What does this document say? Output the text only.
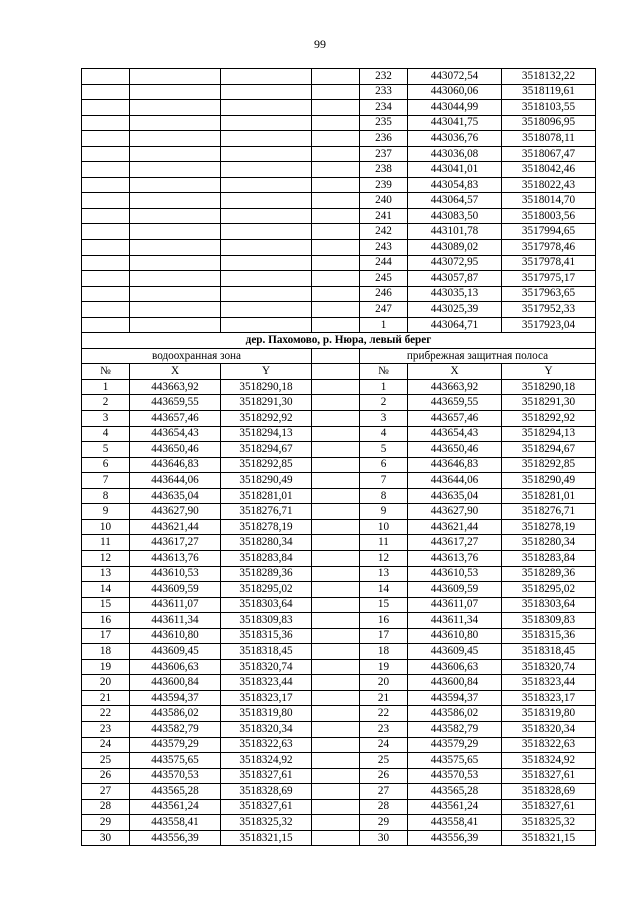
99
				232	443072,54	3518132,22
				233	443060,06	3518119,61
				234	443044,99	3518103,55
				235	443041,75	3518096,95
				236	443036,76	3518078,11
				237	443036,08	3518067,47
				238	443041,01	3518042,46
				239	443054,83	3518022,43
				240	443064,57	3518014,70
				241	443083,50	3518003,56
				242	443101,78	3517994,65
				243	443089,02	3517978,46
				244	443072,95	3517978,41
				245	443057,87	3517975,17
				246	443035,13	3517963,65
				247	443025,39	3517952,33
				1	443064,71	3517923,04
дер. Пахомово, р. Нюра, левый берег						
водоохранная зона				прибрежная защитная полоса		
№	X	Y		№	X	Y
1	443663,92	3518290,18		1	443663,92	3518290,18
2	443659,55	3518291,30		2	443659,55	3518291,30
3	443657,46	3518292,92		3	443657,46	3518292,92
4	443654,43	3518294,13		4	443654,43	3518294,13
5	443650,46	3518294,67		5	443650,46	3518294,67
6	443646,83	3518292,85		6	443646,83	3518292,85
7	443644,06	3518290,49		7	443644,06	3518290,49
8	443635,04	3518281,01		8	443635,04	3518281,01
9	443627,90	3518276,71		9	443627,90	3518276,71
10	443621,44	3518278,19		10	443621,44	3518278,19
11	443617,27	3518280,34		11	443617,27	3518280,34
12	443613,76	3518283,84		12	443613,76	3518283,84
13	443610,53	3518289,36		13	443610,53	3518289,36
14	443609,59	3518295,02		14	443609,59	3518295,02
15	443611,07	3518303,64		15	443611,07	3518303,64
16	443611,34	3518309,83		16	443611,34	3518309,83
17	443610,80	3518315,36		17	443610,80	3518315,36
18	443609,45	3518318,45		18	443609,45	3518318,45
19	443606,63	3518320,74		19	443606,63	3518320,74
20	443600,84	3518323,44		20	443600,84	3518323,44
21	443594,37	3518323,17		21	443594,37	3518323,17
22	443586,02	3518319,80		22	443586,02	3518319,80
23	443582,79	3518320,34		23	443582,79	3518320,34
24	443579,29	3518322,63		24	443579,29	3518322,63
25	443575,65	3518324,92		25	443575,65	3518324,92
26	443570,53	3518327,61		26	443570,53	3518327,61
27	443565,28	3518328,69		27	443565,28	3518328,69
28	443561,24	3518327,61		28	443561,24	3518327,61
29	443558,41	3518325,32		29	443558,41	3518325,32
30	443556,39	3518321,15		30	443556,39	3518321,15
